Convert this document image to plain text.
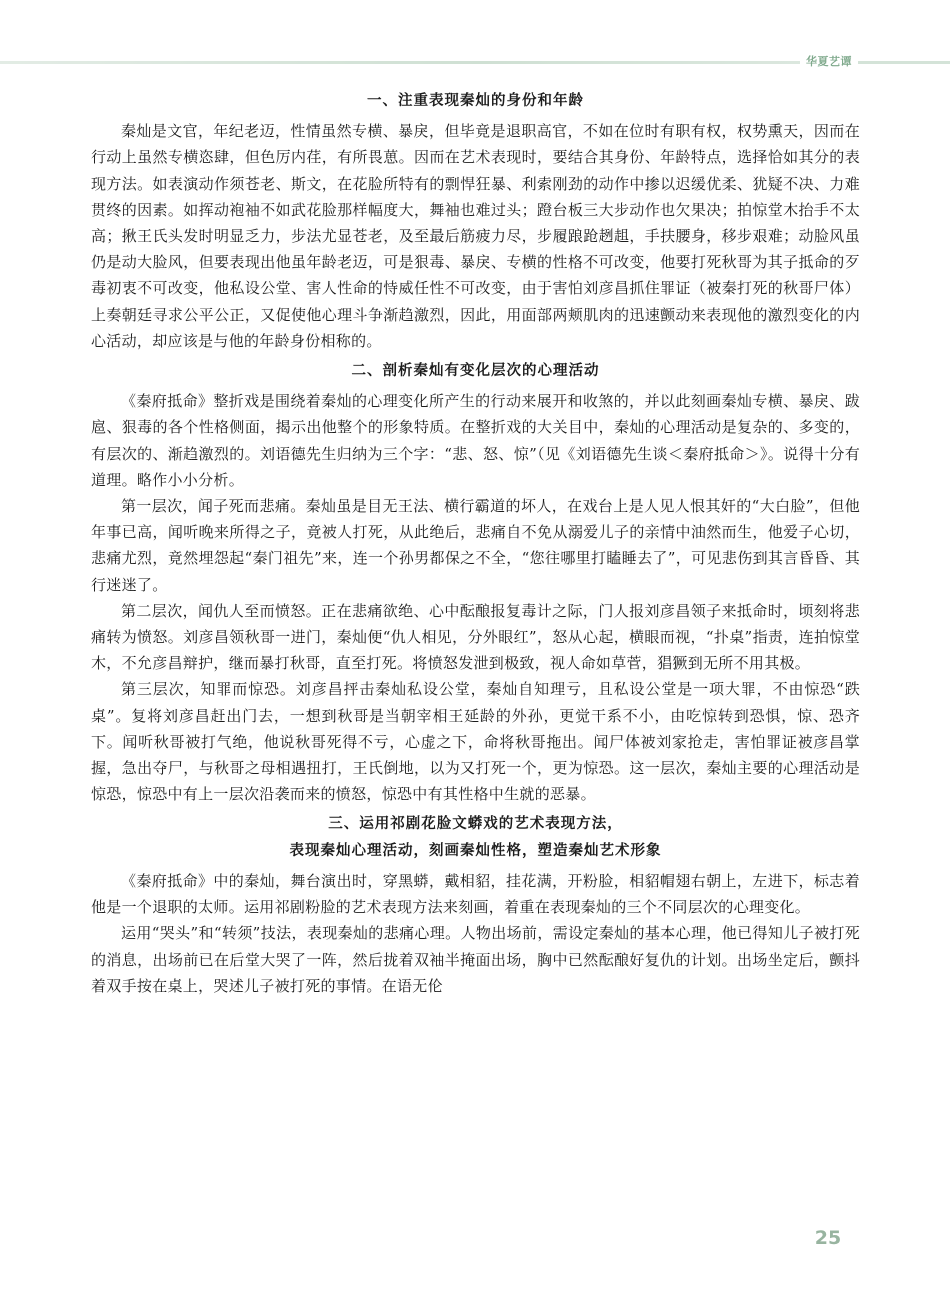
华夏艺谭
一、注重表现秦灿的身份和年龄

秦灿是文官，年纪老迈，性情虽然专横、暴戾，但毕竟是退职高官，不如在位时有职有权，权势熏天，因而在行动上虽然专横恣肆，但色厉内荏，有所畏葸。因而在艺术表现时，要结合其身份、年龄特点，选择恰如其分的表现方法。如表演动作须苍老、斯文，在花脸所特有的剽悍狂暴、利索刚劲的动作中掺以迟缓优柔、犹疑不决、力难贯终的因素。如挥动袍袖不如武花脸那样幅度大，舞袖也难过头；蹬台板三大步动作也欠果决；拍惊堂木抬手不太高；揪王氏头发时明显乏力，步法尤显苍老，及至最后筋疲力尽，步履踉跄趔趄，手扶腰身，移步艰难；动脸风虽仍是动大脸风，但要表现出他虽年龄老迈，可是狠毒、暴戾、专横的性格不可改变，他要打死秋哥为其子抵命的歹毒初衷不可改变，他私设公堂、害人性命的恃威任性不可改变，由于害怕刘彦昌抓住罪证（被秦打死的秋哥尸体）上奏朝廷寻求公平公正，又促使他心理斗争渐趋激烈，因此，用面部两颊肌肉的迅速颤动来表现他的激烈变化的内心活动，却应该是与他的年龄身份相称的。

二、剖析秦灿有变化层次的心理活动

《秦府抵命》整折戏是围绕着秦灿的心理变化所产生的行动来展开和收煞的，并以此刻画秦灿专横、暴戾、跋扈、狠毒的各个性格侧面，揭示出他整个的形象特质。在整折戏的大关目中，秦灿的心理活动是复杂的、多变的，有层次的、渐趋激烈的。刘语德先生归纳为三个字：“悲、怒、惊”（见《刘语德先生谈＜秦府抵命＞》。说得十分有道理。略作小小分析。

第一层次，闻子死而悲痛。秦灿虽是目无王法、横行霸道的坏人，在戏台上是人见人恨其奸的“大白脸”，但他年事已高，闻听晚来所得之子，竟被人打死，从此绝后，悲痛自不免从溺爱儿子的亲情中油然而生，他爱子心切，悲痛尤烈，竟然埋怨起“秦门祖先”来，连一个孙男都保之不全，“您往哪里打瞌睡去了”，可见悲伤到其言昏昏、其行迷迷了。

第二层次，闻仇人至而愤怒。正在悲痛欲绝、心中酝酿报复毒计之际，门人报刘彦昌领子来抵命时，顷刻将悲痛转为愤怒。刘彦昌领秋哥一进门，秦灿便“仇人相见，分外眼红”，怒从心起，横眼而视，“扑桌”指责，连拍惊堂木，不允彦昌辩护，继而暴打秋哥，直至打死。将愤怒发泄到极致，视人命如草菅，猖獗到无所不用其极。

第三层次，知罪而惊恐。刘彦昌抨击秦灿私设公堂，秦灿自知理亏，且私设公堂是一项大罪，不由惊恐“跌桌”。复将刘彦昌赶出门去，一想到秋哥是当朝宰相王延龄的外孙，更觉干系不小，由吃惊转到恐惧，惊、恐齐下。闻听秋哥被打气绝，他说秋哥死得不亏，心虚之下，命将秋哥拖出。闻尸体被刘家抢走，害怕罪证被彦昌掌握，急出夺尸，与秋哥之母相遇扭打，王氏倒地，以为又打死一个，更为惊恐。这一层次，秦灿主要的心理活动是惊恐，惊恐中有上一层次沿袭而来的愤怒，惊恐中有其性格中生就的恶暴。

三、运用祁剧花脸文蟒戏的艺术表现方法，
表现秦灿心理活动，刻画秦灿性格，塑造秦灿艺术形象

《秦府抵命》中的秦灿，舞台演出时，穿黑蟒，戴相貂，挂花满，开粉脸，相貂帽翅右朝上，左进下，标志着他是一个退职的太师。运用祁剧粉脸的艺术表现方法来刻画，着重在表现秦灿的三个不同层次的心理变化。

运用“哭头”和“转须”技法，表现秦灿的悲痛心理。人物出场前，需设定秦灿的基本心理，他已得知儿子被打死的消息，出场前已在后堂大哭了一阵，然后拢着双袖半掩面出场，胸中已然酝酿好复仇的计划。出场坐定后，颤抖着双手按在桌上，哭述儿子被打死的事情。在语无伦

25
